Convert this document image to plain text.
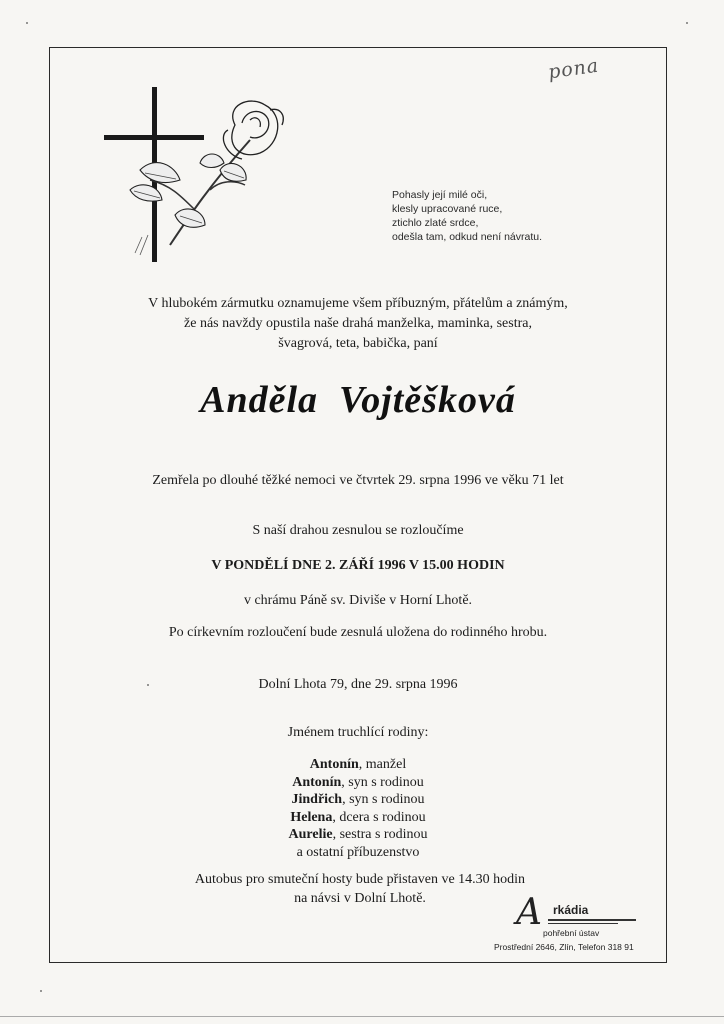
pona
Pohasly její milé oči,
klesly upracované ruce,
ztichlo zlaté srdce,
odešla tam, odkud není návratu.
V hlubokém zármutku oznamujeme všem příbuzným, přátelům a známým,
že nás navždy opustila naše drahá manželka, maminka, sestra,
švagrová, teta, babička, paní
Anděla  Vojtěšková
Zemřela po dlouhé těžké nemoci ve čtvrtek 29. srpna 1996 ve věku 71 let
S naší drahou zesnulou se rozloučíme
V PONDĚLÍ DNE 2. ZÁŘÍ 1996 V 15.00 HODIN
v chrámu Páně sv. Diviše v Horní Lhotě.
Po církevním rozloučení bude zesnulá uložena do rodinného hrobu.
Dolní Lhota 79, dne 29. srpna 1996
Jménem truchlící rodiny:
Antonín, manžel
Antonín, syn s rodinou
Jindřich, syn s rodinou
Helena, dcera s rodinou
Aurelie, sestra s rodinou
a ostatní příbuzenstvo
Autobus pro smuteční hosty bude přistaven ve 14.30 hodin
na návsi v Dolní Lhotě.	A rkádia
pohřební ústav
Prostřední 2646, Zlín, Telefon 318 91
